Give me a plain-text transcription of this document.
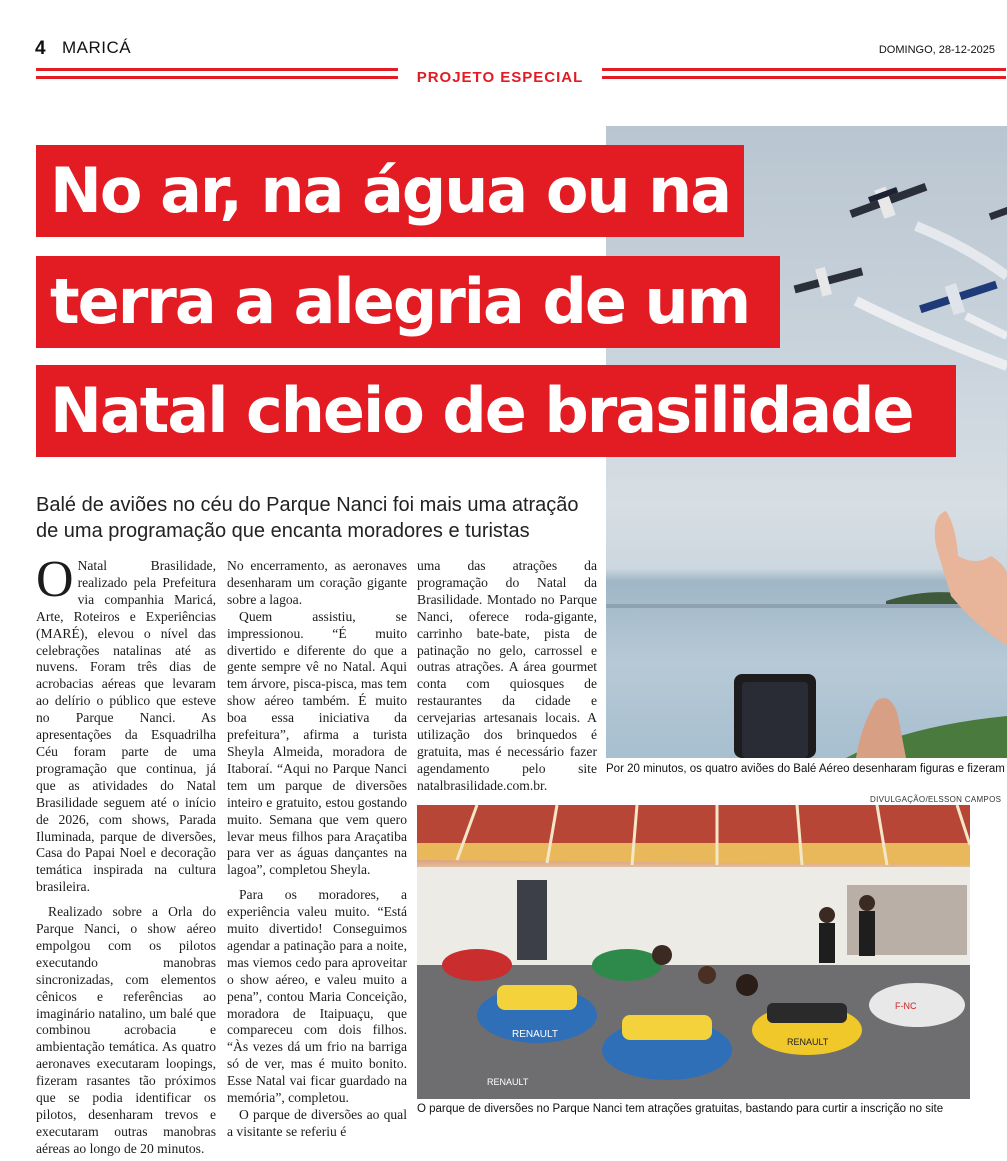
4 MARICÁ	DOMINGO, 28-12-2025
PROJETO ESPECIAL
No ar, na água ou na
terra a alegria de um
Natal cheio de brasilidade
Balé de aviões no céu do Parque Nanci foi mais uma atração
de uma programação que encanta moradores e turistas

O Natal Brasilidade, realizado pela Prefeitura via companhia Maricá, Arte, Roteiros e Experiências (MARÉ), elevou o nível das celebrações natalinas até as nuvens. Foram três dias de acrobacias aéreas que levaram ao delírio o público que esteve no Parque Nanci. As apresentações da Esquadrilha Céu foram parte de uma programação que continua, já que as atividades do Natal Brasilidade seguem até o início de 2026, com shows, Parada Iluminada, parque de diversões, Casa do Papai Noel e decoração temática inspirada na cultura brasileira.

Realizado sobre a Orla do Parque Nanci, o show aéreo empolgou com os pilotos executando manobras sincronizadas, com elementos cênicos e referências ao imaginário natalino, um balé que combinou acrobacia e ambientação temática. As quatro aeronaves executaram loopings, fizeram rasantes tão próximos que se podia identificar os pilotos, desenharam trevos e executaram outras manobras aéreas ao longo de 20 minutos.

No encerramento, as aeronaves desenharam um coração gigante sobre a lagoa.

Quem assistiu, se impressionou. “É muito divertido e diferente do que a gente sempre vê no Natal. Aqui tem árvore, pisca-pisca, mas tem show aéreo também. É muito boa essa iniciativa da prefeitura”, afirma a turista Sheyla Almeida, moradora de Itaboraí. “Aqui no Parque Nanci tem um parque de diversões inteiro e gratuito, estou gostando muito. Semana que vem quero levar meus filhos para Araçatiba para ver as águas dançantes na lagoa”, completou Sheyla.

Para os moradores, a experiência valeu muito. “Está muito divertido! Conseguimos agendar a patinação para a noite, mas viemos cedo para aproveitar o show aéreo, e valeu muito a pena”, contou Maria Conceição, moradora de Itaipuaçu, que compareceu com dois filhos. “Às vezes dá um frio na barriga só de ver, mas é muito bonito. Esse Natal vai ficar guardado na memória”, completou.

O parque de diversões ao qual a visitante se referiu é

uma das atrações da programação do Natal da Brasilidade. Montado no Parque Nanci, oferece roda-gigante, carrinho bate-bate, pista de patinação no gelo, carrossel e outras atrações. A área gourmet conta com quiosques de restaurantes da cidade e cervejarias artesanais locais. A utilização dos brinquedos é gratuita, mas é necessário fazer agendamento pelo site natalbrasilidade.com.br.

Por 20 minutos, os quatro aviões do Balé Aéreo desenharam figuras e fizeram
DIVULGAÇÃO/ELSSON CAMPOS
RENAULT
RENAULT
F-NC
RENAULT
O parque de diversões no Parque Nanci tem atrações gratuitas, bastando para curtir a inscrição no site
